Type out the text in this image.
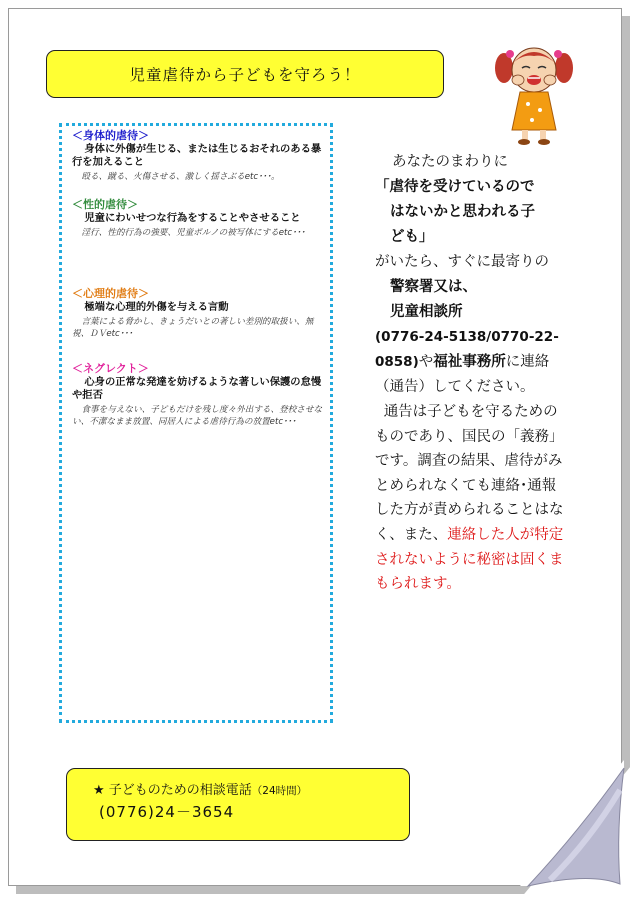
児童虐待から子どもを守ろう！
＜身体的虐待＞

身体に外傷が生じる、または生じるおそれのある暴行を加えること

殴る、蹴る、火傷させる、激しく揺さぶるetc･･･。

＜性的虐待＞

児童にわいせつな行為をすることやさせること

淫行、性的行為の強要、児童ポルノの被写体にするetc･･･

＜心理的虐待＞

極端な心理的外傷を与える言動

言葉による脅かし、きょうだいとの著しい差別的取扱い、無視、ＤＶetc･･･

＜ネグレクト＞

心身の正常な発達を妨げるような著しい保護の怠慢や拒否

食事を与えない、子どもだけを残し度々外出する、登校させない、不潔なまま放置、同居人による虐待行為の放置etc･･･

あなたのまわりに
「虐待を受けているので
はないかと思われる子
ども」
がいたら、すぐに最寄りの
警察署又は、
児童相談所
(0776-24-5138/0770-22-
0858)や福祉事務所に連絡
（通告）してください。
通告は子どもを守るためのものであり、国民の「義務」です。調査の結果、虐待がみとめられなくても連絡･通報した方が責められることはなく、また、連絡した人が特定されないように秘密は固くまもられます。
★ 子どものための相談電話（24時間）
(0776)24－3654
